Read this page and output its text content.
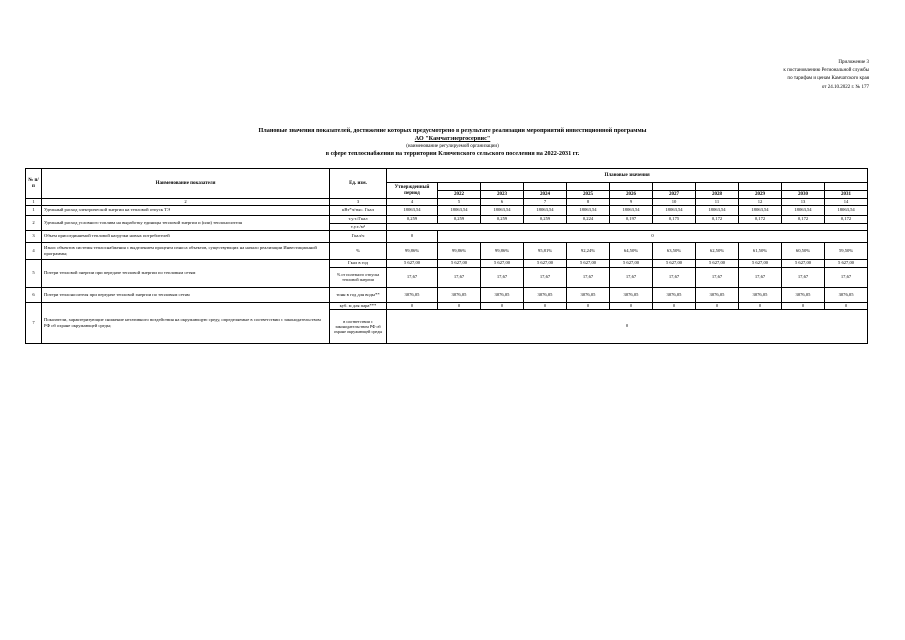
Приложение 3
к постановлению Региональной службы
по тарифам и ценам Камчатского края
от 24.10.2022 г. № 177
Плановые значения показателей, достижение которых предусмотрено в результате реализации мероприятий инвестиционной программы
АО "Камчатэнергосервис"
(наименование регулируемой организации)
в сфере теплоснабжения на территории Ключевского сельского поселения на 2022-2031 гг.
№ п/п	Наименование показателя	Ед. изм.	Плановые значения										
			Утвержденный период										
				2022	2023	2024	2025	2026	2027	2028	2029	2030	2031
1	2	3	4	5	6	7	8	9	10	11	12	13	14
1	Удельный расход электрической энергии на тепловой отпуск ТЭ	кВт*ч/тыс. Гкал	18063,54	18063,54	18063,54	18063,54	18063,54	18063,54	18063,54	18063,54	18063,54	18063,54	18063,54
2	Удельный расход условного топлива на выработку единицы тепловой энергии и (или) теплоносителя	т.у.т./Гкал	0,259	0,259	0,259	0,259	0,224	0,197	0,175	0,172	0,172	0,172	0,172
		т.у.т./м³											
3	Объем присоединяемой тепловой нагрузки новых потребителей	Гкал/ч	0	0									
4	Износ объектов системы теплоснабжения с выделением процента износа объектов, существующих на начало реализации Инвестиционной программы;	%	99,86%	99,86%	99,86%	95,81%	92,24%	64,50%	63,50%	62,50%	61,50%	60,50%	59,50%
5	Потери тепловой энергии при передаче тепловой энергии по тепловым сетям	Гкал в год	5 627,00	5 627,00	5 627,00	5 627,00	5 627,00	5 627,00	5 627,00	5 627,00	5 627,00	5 627,00	5 627,00
		% от полезного отпуска тепловой энергии	17,67	17,67	17,67	17,67	17,67	17,67	17,67	17,67	17,67	17,67	17,67
6	Потери теплоносителя при передаче тепловой энергии по тепловым сетям	тонн в год для воды**	3076,05	3076,05	3076,05	3076,05	3076,05	3076,05	3076,05	3076,05	3076,05	3076,05	3076,05
7	Показатели, характеризующие снижение негативного воздействия на окружающую среду, определяемые в соответствии с законодательством РФ об охране окружающей среды;	куб. м для пара***	0	0	0	0	0	0	0	0	0	0	0
		в соответствии с законодательством РФ об охране окружающей среды	0										
